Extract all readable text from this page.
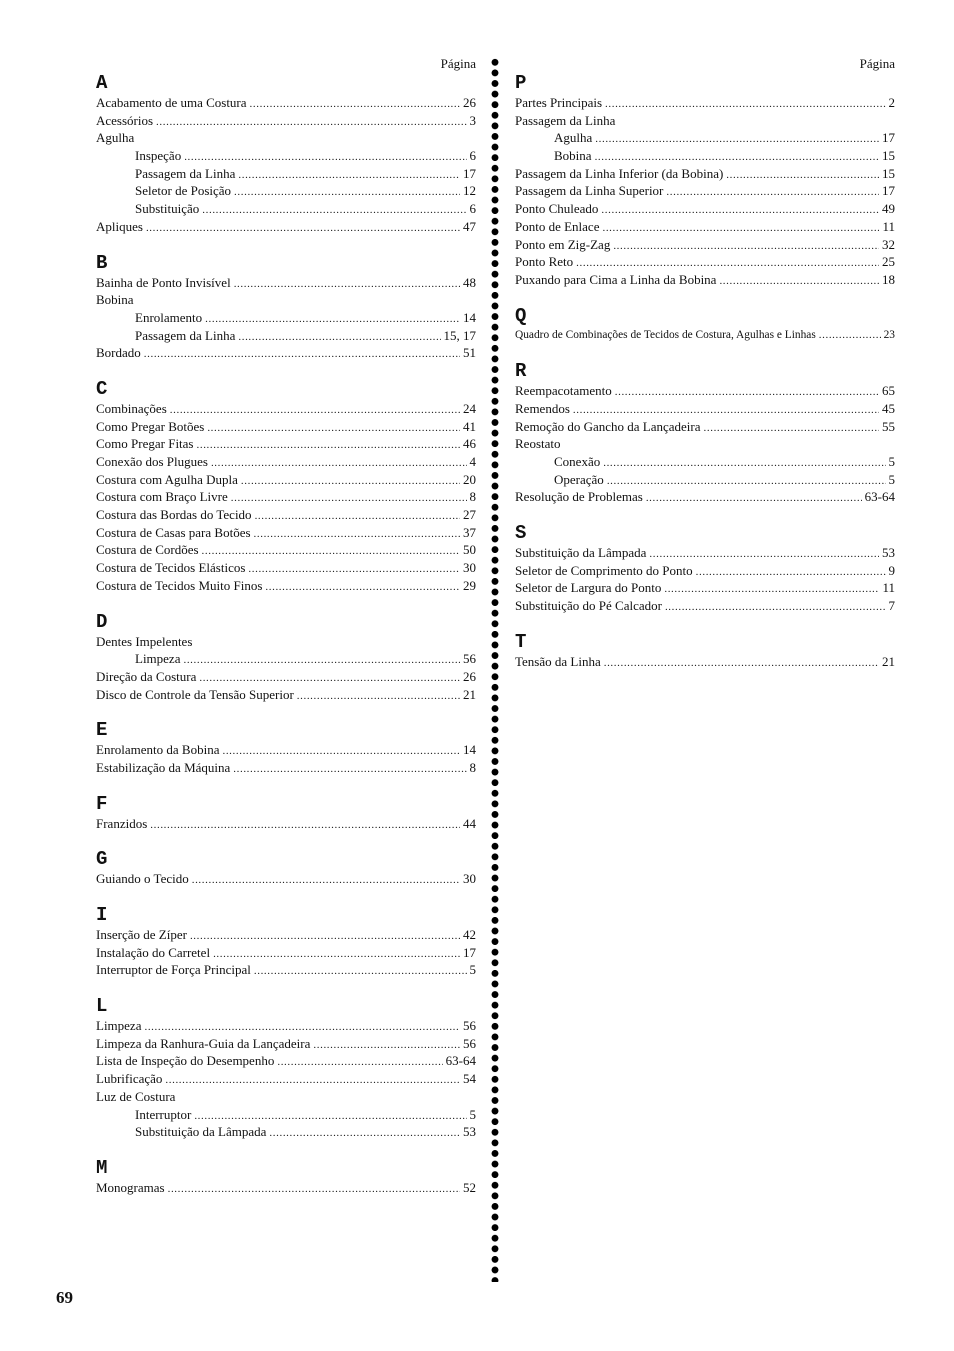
Página
A
Acabamento de uma Costura .....	26
Acessórios .....	3
Agulha
Inspeção .....	6
Passagem da Linha .....	17
Seletor de Posição .....	12
Substituição .....	6
Apliques .....	47
B
Bainha de Ponto Invisível .....	48
Bobina
Enrolamento .....	14
Passagem da Linha .....	15, 17
Bordado .....	51
C
Combinações .....	24
Como Pregar Botões .....	41
Como Pregar Fitas .....	46
Conexão dos Plugues .....	4
Costura com Agulha Dupla .....	20
Costura com Braço Livre .....	8
Costura das Bordas do Tecido .....	27
Costura de Casas para Botões .....	37
Costura de Cordões .....	50
Costura de Tecidos Elásticos .....	30
Costura de Tecidos Muito Finos .....	29
D
Dentes Impelentes
Limpeza .....	56
Direção da Costura .....	26
Disco de Controle da Tensão Superior .....	21
E
Enrolamento da Bobina .....	14
Estabilização da Máquina .....	8
F
Franzidos .....	44
G
Guiando o Tecido .....	30
I
Inserção de Zíper .....	42
Instalação do Carretel .....	17
Interruptor de Força Principal .....	5
L
Limpeza .....	56
Limpeza da Ranhura-Guia da Lançadeira .....	56
Lista de Inspeção do Desempenho .....	63-64
Lubrificação .....	54
Luz de Costura
Interruptor .....	5
Substituição da Lâmpada .....	53
M
Monogramas .....	52
Página
P
Partes Principais .....	2
Passagem da Linha
Agulha .....	17
Bobina .....	15
Passagem da Linha Inferior (da Bobina) .....	15
Passagem da Linha Superior .....	17
Ponto Chuleado .....	49
Ponto de Enlace .....	11
Ponto em Zig-Zag .....	32
Ponto Reto .....	25
Puxando para Cima a Linha da Bobina .....	18
Q
Quadro de Combinações de Tecidos de Costura, Agulhas e Linhas .....	23
R
Reempacotamento .....	65
Remendos .....	45
Remoção do Gancho da Lançadeira .....	55
Reostato
Conexão .....	5
Operação .....	5
Resolução de Problemas .....	63-64
S
Substituição da Lâmpada .....	53
Seletor de Comprimento do Ponto .....	9
Seletor de Largura do Ponto .....	11
Substituição do Pé Calcador .....	7
T
Tensão da Linha .....	21
69
